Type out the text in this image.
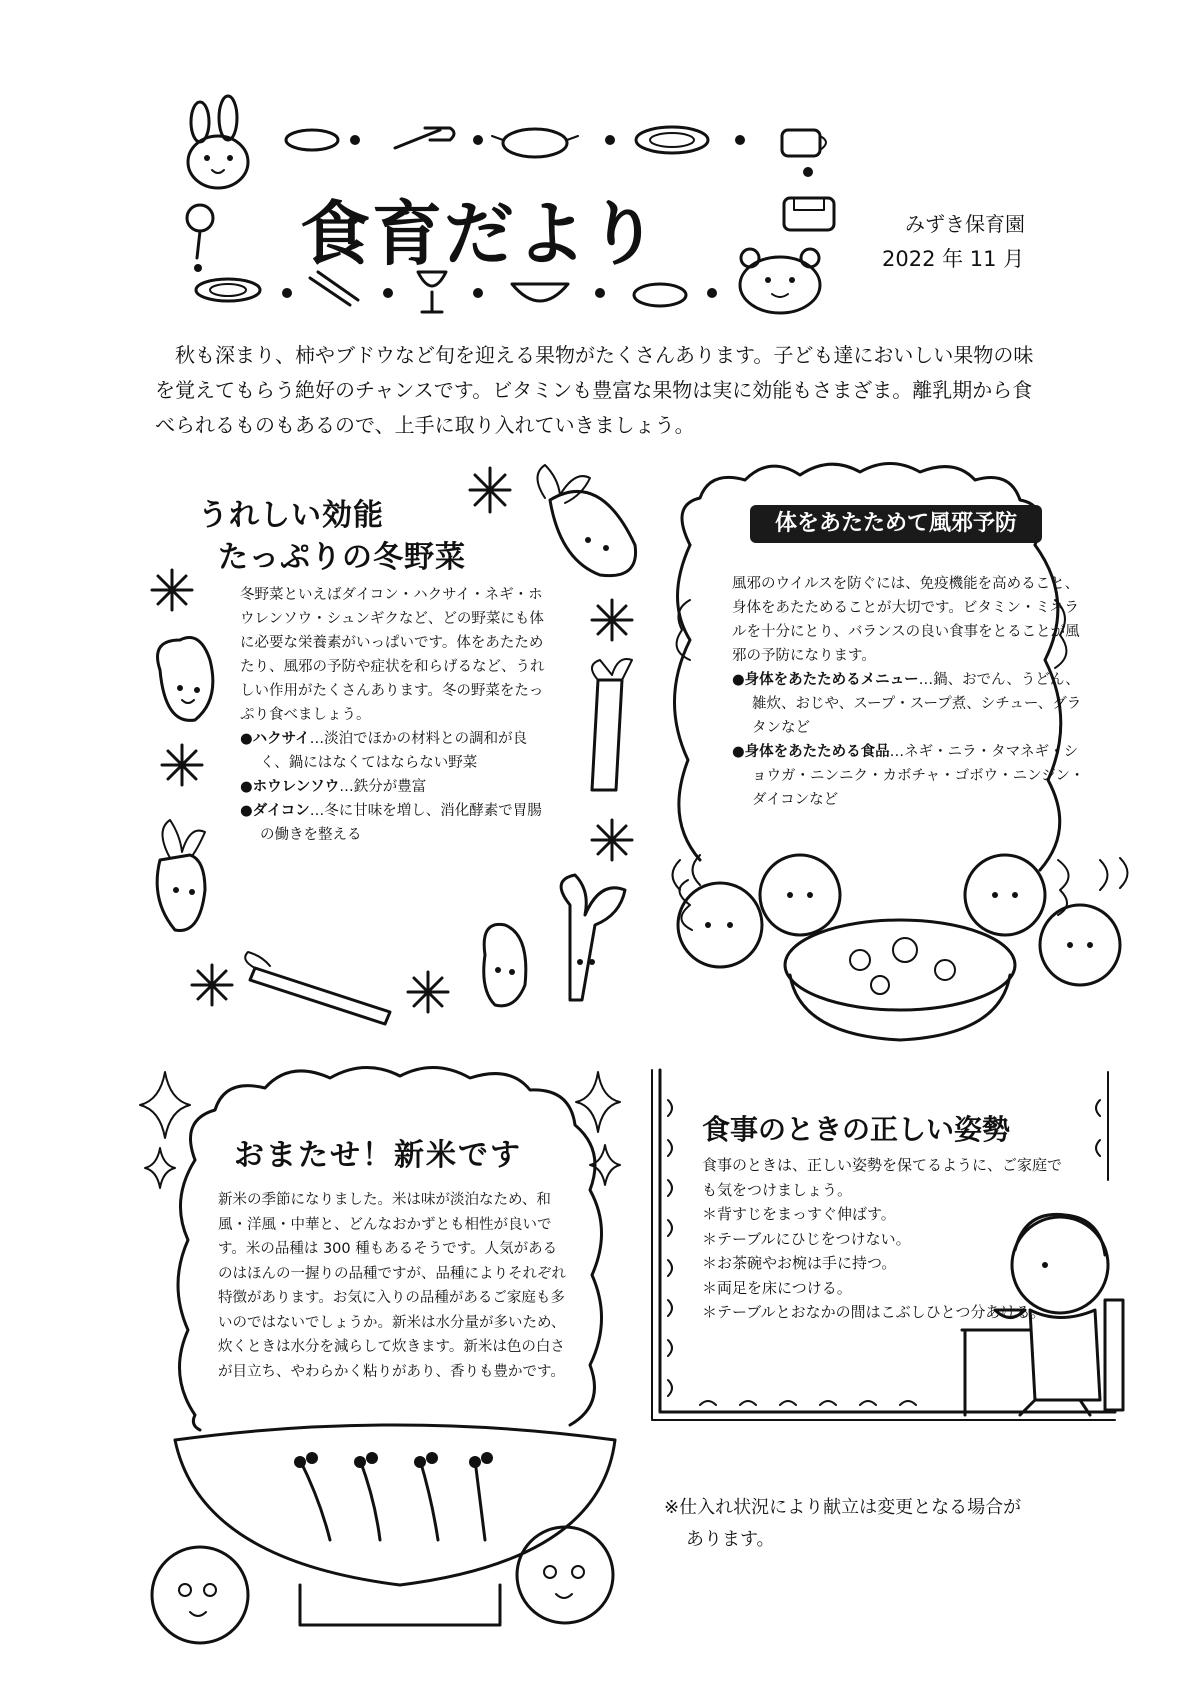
食育だより	みずき保育園
2022 年 11 月

　秋も深まり、柿やブドウなど旬を迎える果物がたくさんあります。子ども達においしい果物の味

を覚えてもらう絶好のチャンスです。ビタミンも豊富な果物は実に効能もさまざま。離乳期から食

べられるものもあるので、上手に取り入れていきましょう。

うれしい効能
たっぷりの冬野菜

冬野菜といえばダイコン・ハクサイ・ネギ・ホウレンソウ・シュンギクなど、どの野菜にも体に必要な栄養素がいっぱいです。体をあたためたり、風邪の予防や症状を和らげるなど、うれしい作用がたくさんあります。冬の野菜をたっぷり食べましょう。

●ハクサイ…淡泊でほかの材料との調和が良く、鍋にはなくてはならない野菜

●ホウレンソウ…鉄分が豊富

●ダイコン…冬に甘味を増し、消化酵素で胃腸の働きを整える

体をあたためて風邪予防

風邪のウイルスを防ぐには、免疫機能を高めること、身体をあたためることが大切です。ビタミン・ミネラルを十分にとり、バランスの良い食事をとることが風邪の予防になります。

●身体をあたためるメニュー…鍋、おでん、うどん、雑炊、おじや、スープ・スープ煮、シチュー、グラタンなど

●身体をあたためる食品…ネギ・ニラ・タマネギ・ショウガ・ニンニク・カボチャ・ゴボウ・ニンジン・ダイコンなど

おまたせ！新米です
新米の季節になりました。米は味が淡泊なため、和風・洋風・中華と、どんなおかずとも相性が良いです。米の品種は 300 種もあるそうです。人気があるのはほんの一握りの品種ですが、品種によりそれぞれ特徴があります。お気に入りの品種があるご家庭も多いのではないでしょうか。新米は水分量が多いため、炊くときは水分を減らして炊きます。新米は色の白さが目立ち、やわらかく粘りがあり、香りも豊かです。
食事のときの正しい姿勢

食事のときは、正しい姿勢を保てるように、ご家庭でも気をつけましょう。

＊背すじをまっすぐ伸ばす。

＊テーブルにひじをつけない。

＊お茶碗やお椀は手に持つ。

＊両足を床につける。

＊テーブルとおなかの間はこぶしひとつ分あける。

※仕入れ状況により献立は変更となる場合が
あります。
